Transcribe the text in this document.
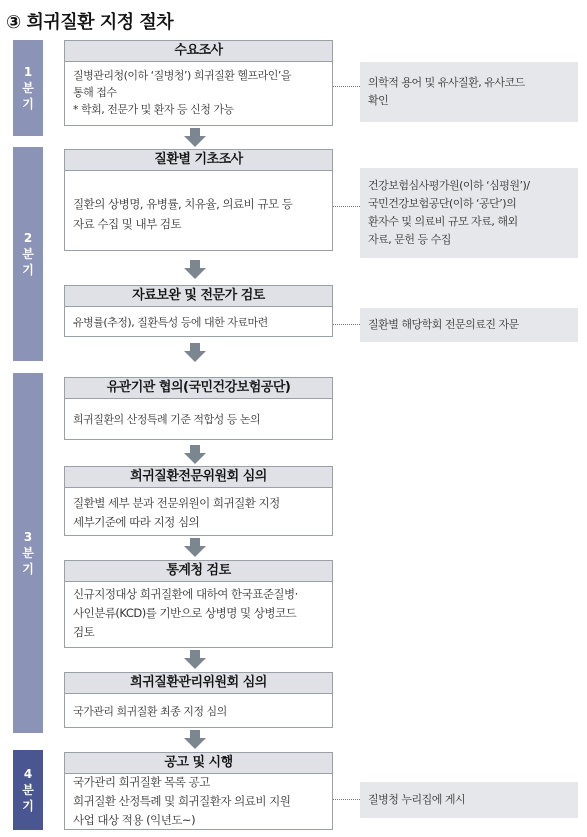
③ 희귀질환 지정 절차
1
분
기
2
분
기
3
분
기
4
분
기
수요조사
질병관리청(이하 ‘질병청’) 희귀질환 헬프라인’을
통해 접수
* 학회, 전문가 및 환자 등 신청 가능
질환별 기초조사
질환의 상병명, 유병률, 치유율, 의료비 규모 등
자료 수집 및 내부 검토
자료보완 및 전문가 검토
유병률(추정), 질환특성 등에 대한 자료마련
유관기관 협의(국민건강보험공단)
희귀질환의 산정특례 기준 적합성 등 논의
희귀질환전문위원회 심의
질환별 세부 분과 전문위원이 희귀질환 지정
세부기준에 따라 지정 심의
통계청 검토
신규지정대상 희귀질환에 대하여 한국표준질병·
사인분류(KCD)를 기반으로 상병명 및 상병코드
검토
희귀질환관리위원회 심의
국가관리 희귀질환 최종 지정 심의
공고 및 시행
국가관리 희귀질환 목록 공고
희귀질환 산정특례 및 희귀질환자 의료비 지원
사업 대상 적용 (익년도~)
의학적 용어 및 유사질환, 유사코드
확인
건강보험심사평가원(이하 ‘심평원’)/
국민건강보험공단(이하 ‘공단’)의
환자수 및 의료비 규모 자료, 해외
자료, 문헌 등 수집
질환별 해당학회 전문의료진 자문
질병청 누리집에 게시
